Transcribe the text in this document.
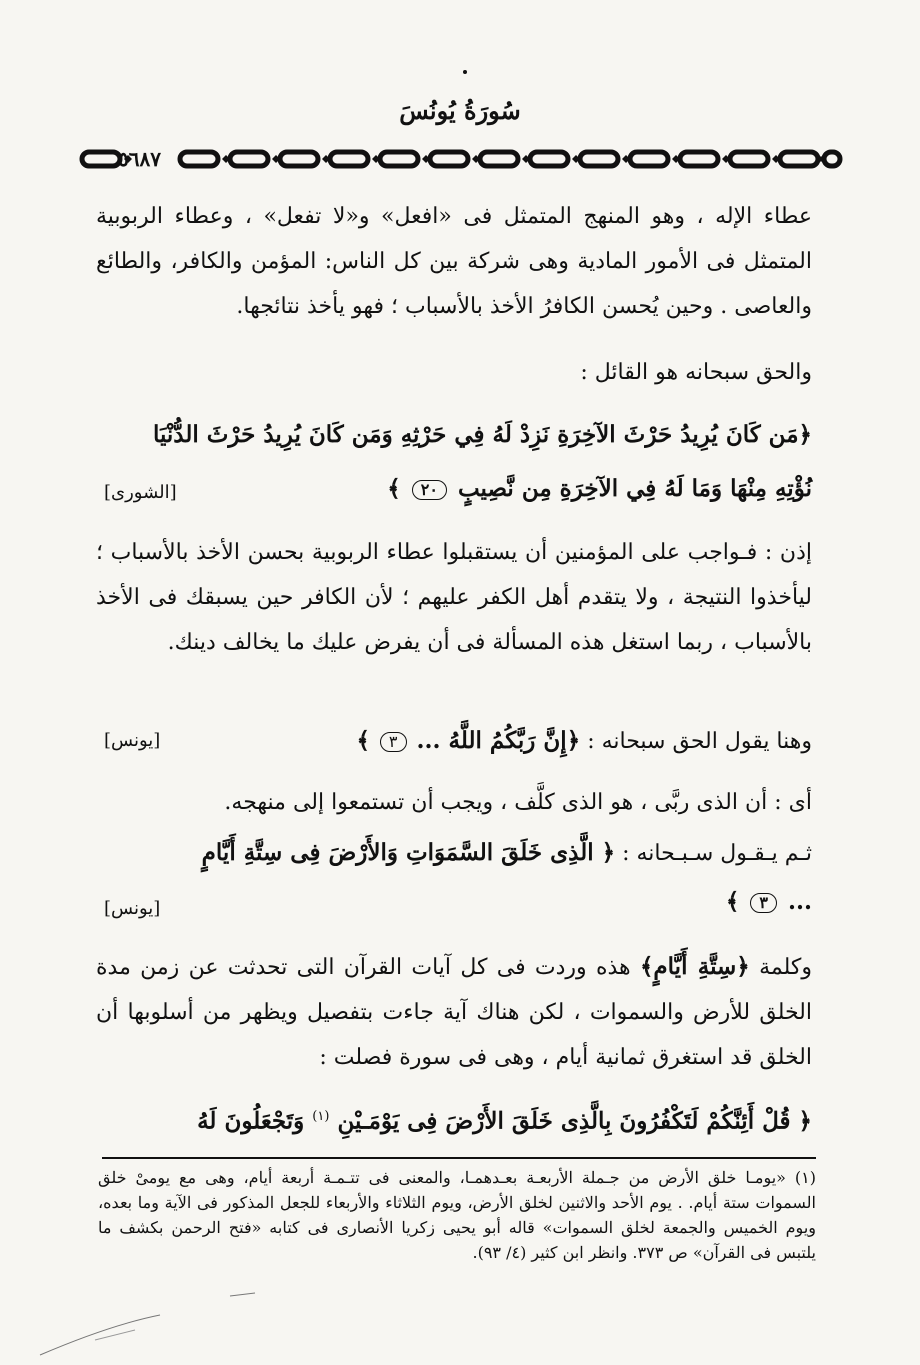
سُورَةُ يُونُسَ
٥٦٨٧

عطاء الإله ، وهو المنهج المتمثل فى «افعل» و«لا تفعل» ، وعطاء الربوبية المتمثل فى الأمور المادية وهى شركة بين كل الناس: المؤمن والكافر، والطائع والعاصى . وحين يُحسن الكافرُ الأخذ بالأسباب ؛ فهو يأخذ نتائجها.

والحق سبحانه هو القائل :

﴿مَن كَانَ يُرِيدُ حَرْثَ الآخِرَةِ نَزِدْ لَهُ فِي حَرْثِهِ وَمَن كَانَ يُرِيدُ حَرْثَ الدُّنْيَا
نُؤْتِهِ مِنْهَا وَمَا لَهُ فِي الآخِرَةِ مِن نَّصِيبٍ ٢٠ ﴾
[الشورى]

إذن : فـواجب على المؤمنين أن يستقبلوا عطاء الربوبية بحسن الأخذ بالأسباب ؛ ليأخذوا النتيجة ، ولا يتقدم أهل الكفر عليهم ؛ لأن الكافر حين يسبقك فى الأخذ بالأسباب ، ربما استغل هذه المسألة فى أن يفرض عليك ما يخالف دينك.

وهنا يقول الحق سبحانه : ﴿إِنَّ رَبَّكُمُ اللَّهُ ... ٣ ﴾
[يونس]

أى : أن الذى ربَّى ، هو الذى كلَّف ، ويجب أن تستمعوا إلى منهجه.

ثـم يـقـول سـبـحانه : ﴿ الَّذِى خَلَقَ السَّمَوَاتِ وَالأَرْضَ فِى سِتَّةِ أَيَّامٍ
... ٣ ﴾
[يونس]

وكلمة ﴿سِتَّةِ أَيَّامٍ﴾ هذه وردت فى كل آيات القرآن التى تحدثت عن زمن مدة الخلق للأرض والسموات ، لكن هناك آية جاءت بتفصيل ويظهر من أسلوبها أن الخلق قد استغرق ثمانية أيام ، وهى فى سورة فصلت :

﴿ قُلْ أَئِنَّكُمْ لَتَكْفُرُونَ بِالَّذِى خَلَقَ الأَرْضَ فِى يَوْمَـيْنِ $^{(١)}$ وَتَجْعَلُونَ لَهُ
(١) «يومـا خلق الأرض من جـملة الأربعـة بعـدهمـا، والمعنى فى تتـمـة أربعة أيام، وهى مع يومىْ خلق السموات ستة أيام. . يوم الأحد والاثنين لخلق الأرض، ويوم الثلاثاء والأربعاء للجعل المذكور فى الآية وما بعده، ويوم الخميس والجمعة لخلق السموات» قاله أبو يحيى زكريا الأنصارى فى كتابه «فتح الرحمن بكشف ما يلتبس فى القرآن» ص ٣٧٣. وانظر ابن كثير (٤/ ٩٣).
